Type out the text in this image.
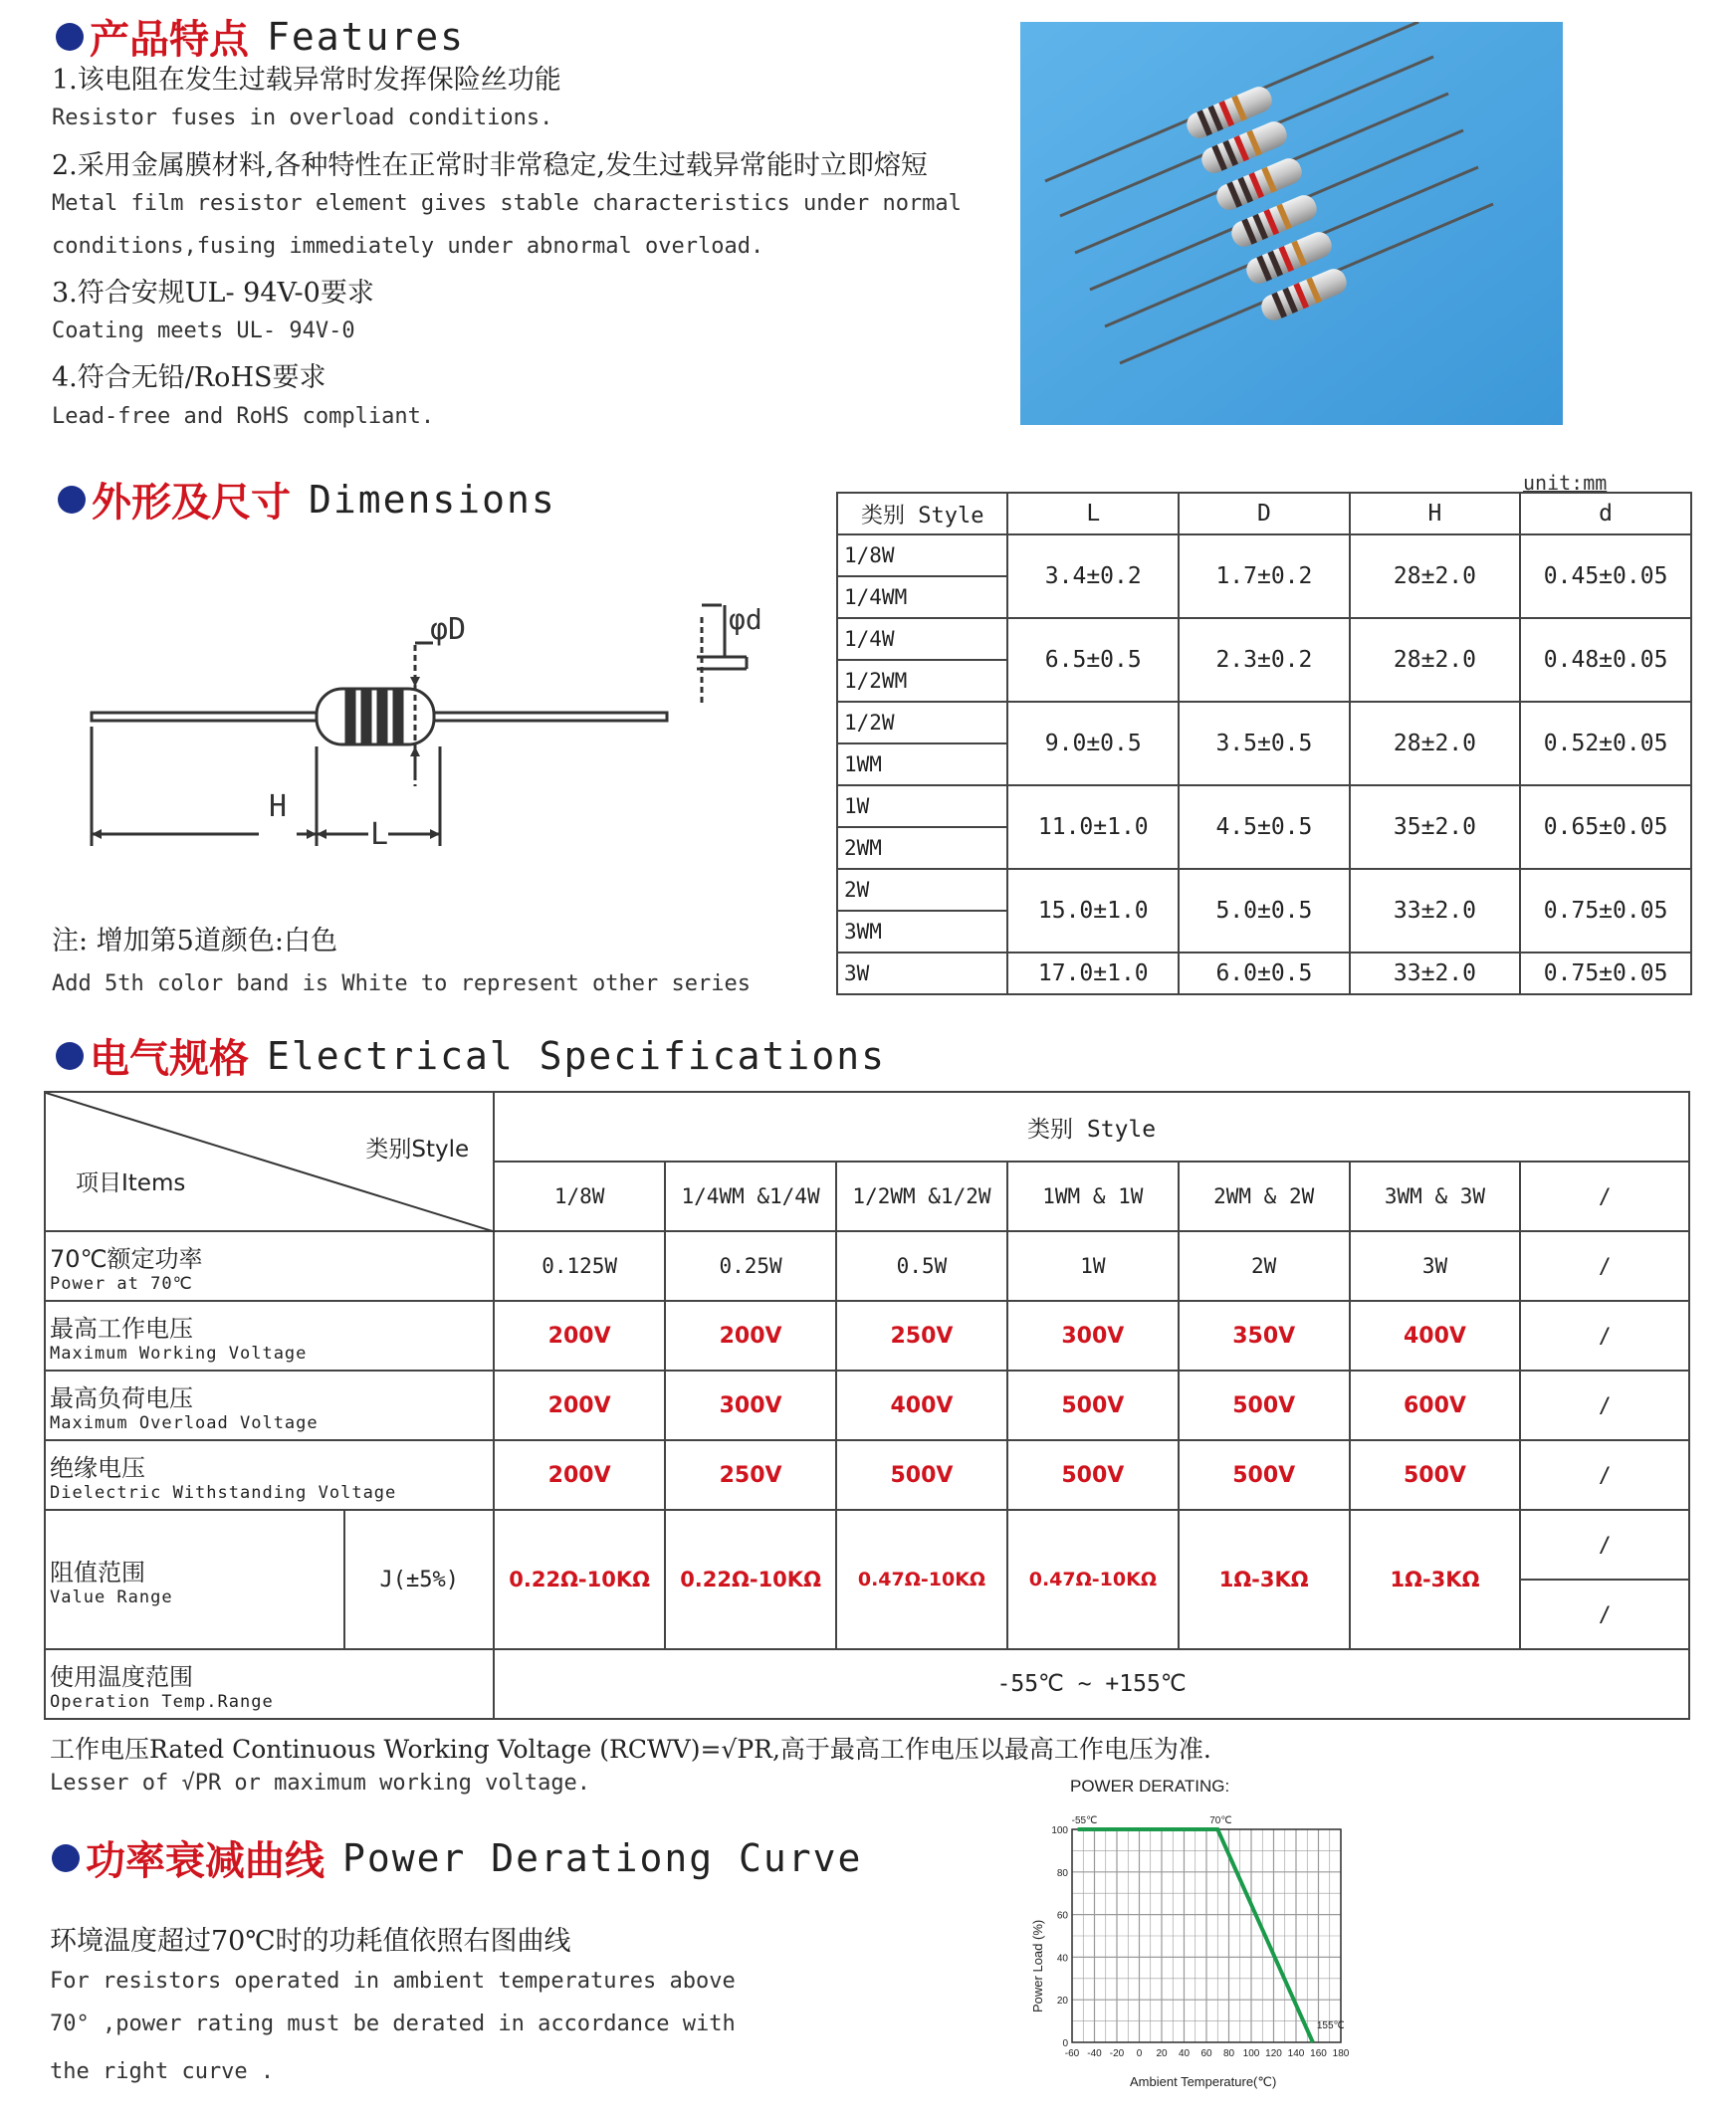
产品特点 Features
1.该电阻在发生过载异常时发挥保险丝功能
Resistor fuses in overload conditions.
2.采用金属膜材料,各种特性在正常时非常稳定,发生过载异常能时立即熔短
Metal film resistor element gives stable characteristics under normal
conditions,fusing immediately under abnormal overload.
3.符合安规UL- 94V-0要求
Coating meets UL- 94V-0
4.符合无铅/RoHS要求
Lead-free and RoHS compliant.
外形及尺寸 Dimensions
φD	φd
H
L
注: 增加第5道颜色:白色
Add 5th color band is White to represent other series
unit:mm
类别 Style	L	D	H	d
1/8W	3.4±0.2	1.7±0.2	28±2.0	0.45±0.05
1/4WM				
1/4W	6.5±0.5	2.3±0.2	28±2.0	0.48±0.05
1/2WM				
1/2W	9.0±0.5	3.5±0.5	28±2.0	0.52±0.05
1WM				
1W	11.0±1.0	4.5±0.5	35±2.0	0.65±0.05
2WM				
2W	15.0±1.0	5.0±0.5	33±2.0	0.75±0.05
3WM				
3W	17.0±1.0	6.0±0.5	33±2.0	0.75±0.05
电气规格 Electrical Specifications
类别Style
项目Items		类别 Style						
		1/8W	1/4WM &1/4W	1/2WM &1/2W	1WM & 1W	2WM & 2W	3WM & 3W	/

70℃额定功率
Power at 70℃		0.125W	0.25W	0.5W	1W	2W	3W	/

最高工作电压
Maximum Working Voltage		200V	200V	250V	300V	350V	400V	/

最高负荷电压
Maximum Overload Voltage		200V	300V	400V	500V	500V	600V	/

绝缘电压
Dielectric Withstanding Voltage		200V	250V	500V	500V	500V	500V	/

阻值范围
Value Range	J(±5%)	0.22Ω-10KΩ	0.22Ω-10KΩ	0.47Ω-10KΩ	0.47Ω-10KΩ	1Ω-3KΩ	1Ω-3KΩ	/
								/

使用温度范围
Operation Temp.Range		-55℃ ~ +155℃						
工作电压Rated Continuous Working Voltage (RCWV)=√PR,高于最高工作电压以最高工作电压为准.
Lesser of √PR or maximum working voltage.
功率衰减曲线 Power Derationg Curve
环境温度超过70℃时的功耗值依照右图曲线
For resistors operated in ambient temperatures above
70° ,power rating must be derated in accordance with
the right curve .
POWER DERATING:
Power Load (%)
Ambient Temperature(℃)
-60 -40 -20 0 20 40 60 80 100 120 140 160 180
0
20
40
60
80
100
-55℃	70℃
155℃
